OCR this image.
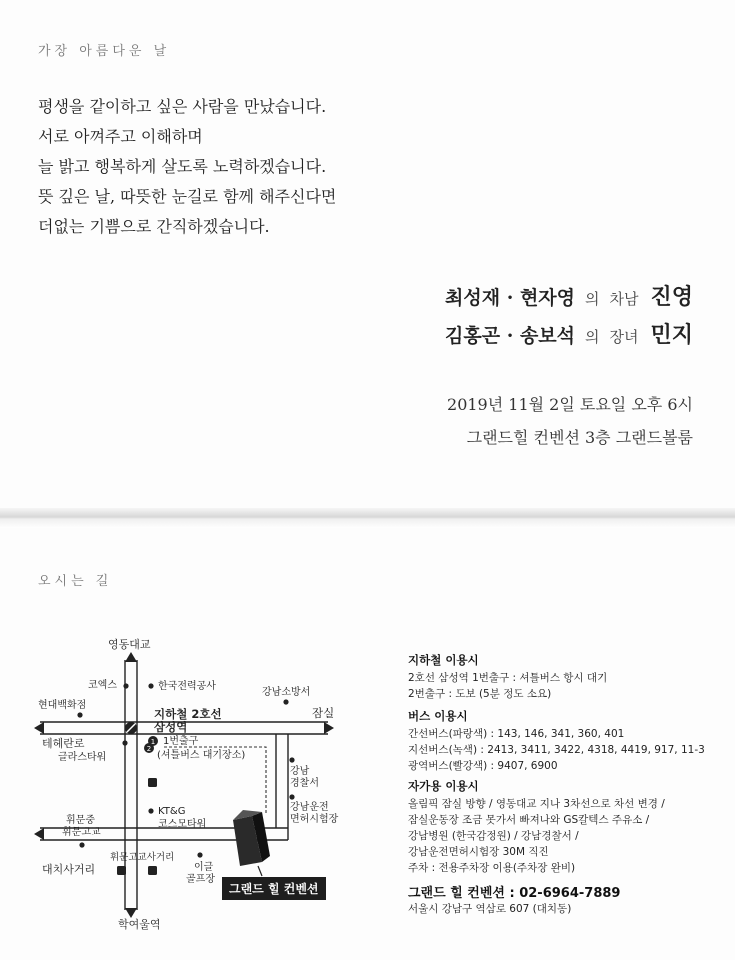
가장 아름다운 날
평생을 같이하고 싶은 사람을 만났습니다.
서로 아껴주고 이해하며
늘 밝고 행복하게 살도록 노력하겠습니다.
뜻 깊은 날, 따뜻한 눈길로 함께 해주신다면
더없는 기쁨으로 간직하겠습니다.
최성재 · 현자영 의 차남 진영
김홍곤 · 송보석 의 장녀 민지
2019년 11월 2일 토요일 오후 6시
그랜드힐 컨벤션 3층 그랜드볼룸
오시는 길
1
2
영동대교
코엑스	한국전력공사
현대백화점
강남소방서
잠실
지하철 2호선
삼성역
테헤란로
글라스타워
1번출구
(셔틀버스 대기장소)
강남
경찰서
KT&G
코스모타워
강남운전
면허시험장
휘문중
휘문고교
휘문고교사거리
대치사거리	이글
골프장
그랜드 힐 컨벤션
학여울역
지하철 이용시
2호선 삼성역 1번출구 : 셔틀버스 항시 대기
2번출구 : 도보 (5분 정도 소요)
버스 이용시
간선버스(파랑색) : 143, 146, 341, 360, 401
지선버스(녹색) : 2413, 3411, 3422, 4318, 4419, 917, 11-3
광역버스(빨강색) : 9407, 6900
자가용 이용시
올림픽 잠실 방향 / 영동대교 지나 3차선으로 차선 변경 /
잠실운동장 조금 못가서 빠져나와 GS칼텍스 주유소 /
강남병원 (한국감정원) / 강남경찰서 /
강남운전면허시험장 30M 직진
주차 : 전용주차장 이용(주차장 완비)
그랜드 힐 컨벤션 : 02-6964-7889
서울시 강남구 역삼로 607 (대치동)
